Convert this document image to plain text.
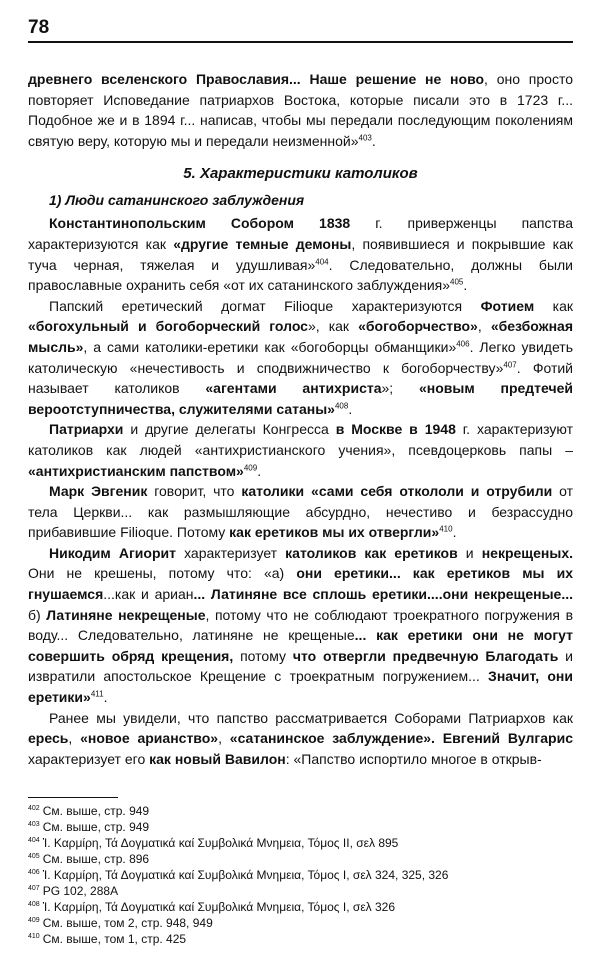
78

древнего вселенского Православия... Наше решение не ново, оно просто повторяет Исповедание патриархов Востока, которые писали это в 1723 г... Подобное же и в 1894 г... написав, чтобы мы передали последующим поколениям святую веру, которую мы и передали неизменной»$^{403}$.

5. Характеристики католиков
1) Люди сатанинского заблуждения

Константинопольским Собором 1838 г. приверженцы папства характеризуются как «другие темные демоны, появившиеся и покрывшие как туча черная, тяжелая и удушливая»$^{404}$. Следовательно, должны были православные охранить себя «от их сатанинского заблуждения»$^{405}$.

Папский еретический догмат Filioque характеризуются Фотием как «богохульный и богоборческий голос», как «богоборчество», «безбожная мысль», а сами католики-еретики как «богоборцы обманщики»$^{406}$. Легко увидеть католическую «нечестивость и сподвижничество к богоборчеству»$^{407}$. Фотий называет католиков «агентами антихриста»; «новым предтечей вероотступничества, служителями сатаны»$^{408}$.

Патриархи и другие делегаты Конгресса в Москве в 1948 г. характеризуют католиков как людей «антихристианского учения», псевдоцерковь папы – «антихристианским папством»$^{409}$.

Марк Эвгеник говорит, что католики «сами себя откололи и отрубили от тела Церкви... как размышляющие абсурдно, нечестиво и безрассудно прибавившие Filioque. Потому как еретиков мы их отвергли»$^{410}$.

Никодим Агиорит характеризует католиков как еретиков и некрещеных. Они не крешены, потому что: «а) они еретики... как еретиков мы их гнушаемся...как и ариан... Латиняне все сплошь еретики....они некрещеные... б) Латиняне некрещеные, потому что не соблюдают троекратного погружения в воду... Следовательно, латиняне не крещеные... как еретики они не могут совершить обряд крещения, потому что отвергли предвечную Благодать и извратили апостольское Крещение с троекратным погружением... Значит, они еретики»$^{411}$.

Ранее мы увидели, что папство рассматривается Соборами Патриархов как ересь, «новое арианство», «сатанинское заблуждение». Евгений Вулгарис характеризует его как новый Вавилон: «Папство испортило многое в открыв-

$^{402}$ См. выше, стр. 949
$^{403}$ См. выше, стр. 949
$^{404}$ Ἰ. Καρμίρη, Τά Δογματικά καί Συμβολικά Μνημεια, Τόμος ΙΙ, σελ 895
$^{405}$ См. выше, стр. 896
$^{406}$ Ἰ. Καρμίρη, Τά Δογματικά καί Συμβολικά Μνημεια, Τόμος Ι, σελ 324, 325, 326
$^{407}$ PG 102, 288A
$^{408}$ Ἰ. Καρμίρη, Τά Δογματικά καί Συμβολικά Μνημεια, Τόμος Ι, σελ 326
$^{409}$ См. выше, том 2, стр. 948, 949
$^{410}$ См. выше, том 1, стр. 425
